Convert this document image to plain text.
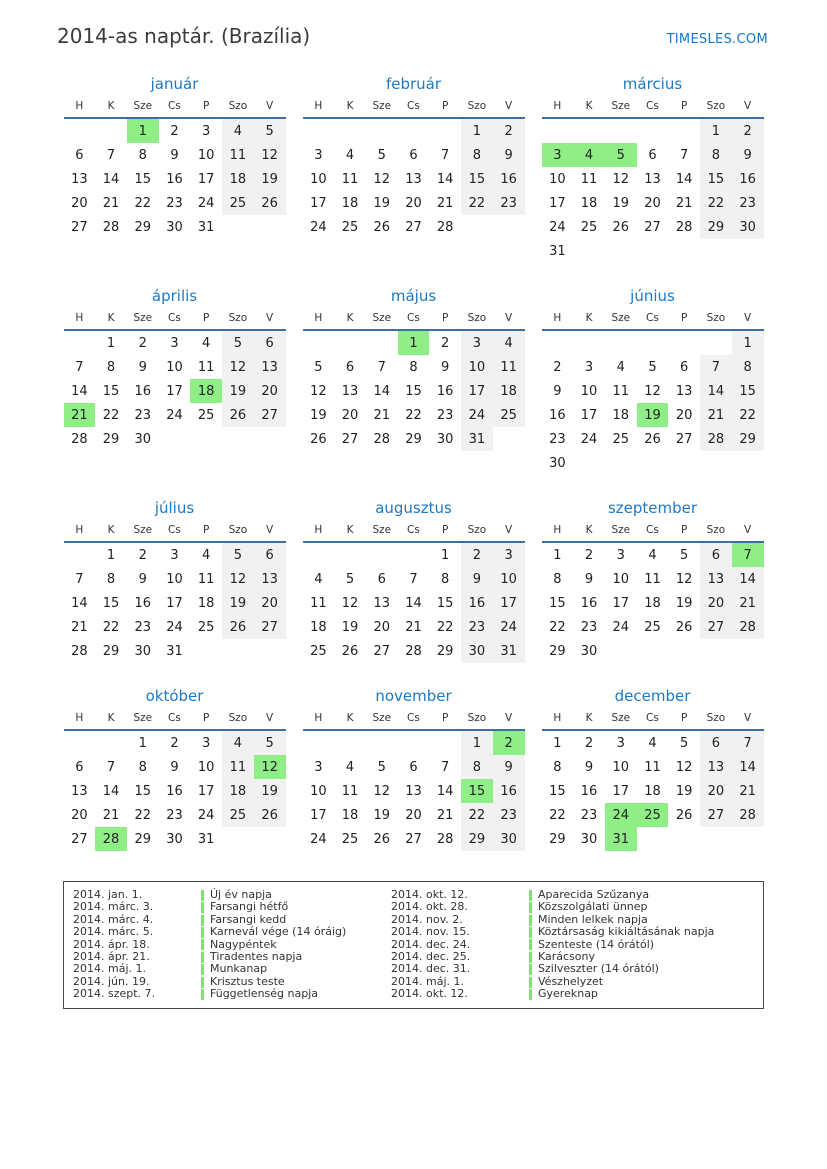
2014-as naptár. (Brazília)	TIMESLES.COM
január
H	K	Sze	Cs	P	Szo	V
		1	2	3	4	5
6	7	8	9	10	11	12
13	14	15	16	17	18	19
20	21	22	23	24	25	26
27	28	29	30	31		
február
H	K	Sze	Cs	P	Szo	V
					1	2
3	4	5	6	7	8	9
10	11	12	13	14	15	16
17	18	19	20	21	22	23
24	25	26	27	28		
március
H	K	Sze	Cs	P	Szo	V
					1	2
3	4	5	6	7	8	9
10	11	12	13	14	15	16
17	18	19	20	21	22	23
24	25	26	27	28	29	30
31						
április
H	K	Sze	Cs	P	Szo	V
	1	2	3	4	5	6
7	8	9	10	11	12	13
14	15	16	17	18	19	20
21	22	23	24	25	26	27
28	29	30				
május
H	K	Sze	Cs	P	Szo	V
			1	2	3	4
5	6	7	8	9	10	11
12	13	14	15	16	17	18
19	20	21	22	23	24	25
26	27	28	29	30	31	
június
H	K	Sze	Cs	P	Szo	V
						1
2	3	4	5	6	7	8
9	10	11	12	13	14	15
16	17	18	19	20	21	22
23	24	25	26	27	28	29
30						
július
H	K	Sze	Cs	P	Szo	V
	1	2	3	4	5	6
7	8	9	10	11	12	13
14	15	16	17	18	19	20
21	22	23	24	25	26	27
28	29	30	31			
augusztus
H	K	Sze	Cs	P	Szo	V
				1	2	3
4	5	6	7	8	9	10
11	12	13	14	15	16	17
18	19	20	21	22	23	24
25	26	27	28	29	30	31
szeptember
H	K	Sze	Cs	P	Szo	V
1	2	3	4	5	6	7
8	9	10	11	12	13	14
15	16	17	18	19	20	21
22	23	24	25	26	27	28
29	30					
október
H	K	Sze	Cs	P	Szo	V
		1	2	3	4	5
6	7	8	9	10	11	12
13	14	15	16	17	18	19
20	21	22	23	24	25	26
27	28	29	30	31		
november
H	K	Sze	Cs	P	Szo	V
					1	2
3	4	5	6	7	8	9
10	11	12	13	14	15	16
17	18	19	20	21	22	23
24	25	26	27	28	29	30
december
H	K	Sze	Cs	P	Szo	V
1	2	3	4	5	6	7
8	9	10	11	12	13	14
15	16	17	18	19	20	21
22	23	24	25	26	27	28
29	30	31				
2014. jan. 1.	Új év napja
2014. márc. 3.	Farsangi hétfő
2014. márc. 4.	Farsangi kedd
2014. márc. 5.	Karnevál vége (14 óráig)
2014. ápr. 18.	Nagypéntek
2014. ápr. 21.	Tiradentes napja
2014. máj. 1.	Munkanap
2014. jún. 19.	Krisztus teste
2014. szept. 7.	Függetlenség napja
2014. okt. 12.	Aparecida Szűzanya
2014. okt. 28.	Közszolgálati ünnep
2014. nov. 2.	Minden lelkek napja
2014. nov. 15.	Köztársaság kikiáltásának napja
2014. dec. 24.	Szenteste (14 órától)
2014. dec. 25.	Karácsony
2014. dec. 31.	Szilveszter (14 órától)
2014. máj. 1.	Vészhelyzet
2014. okt. 12.	Gyereknap
